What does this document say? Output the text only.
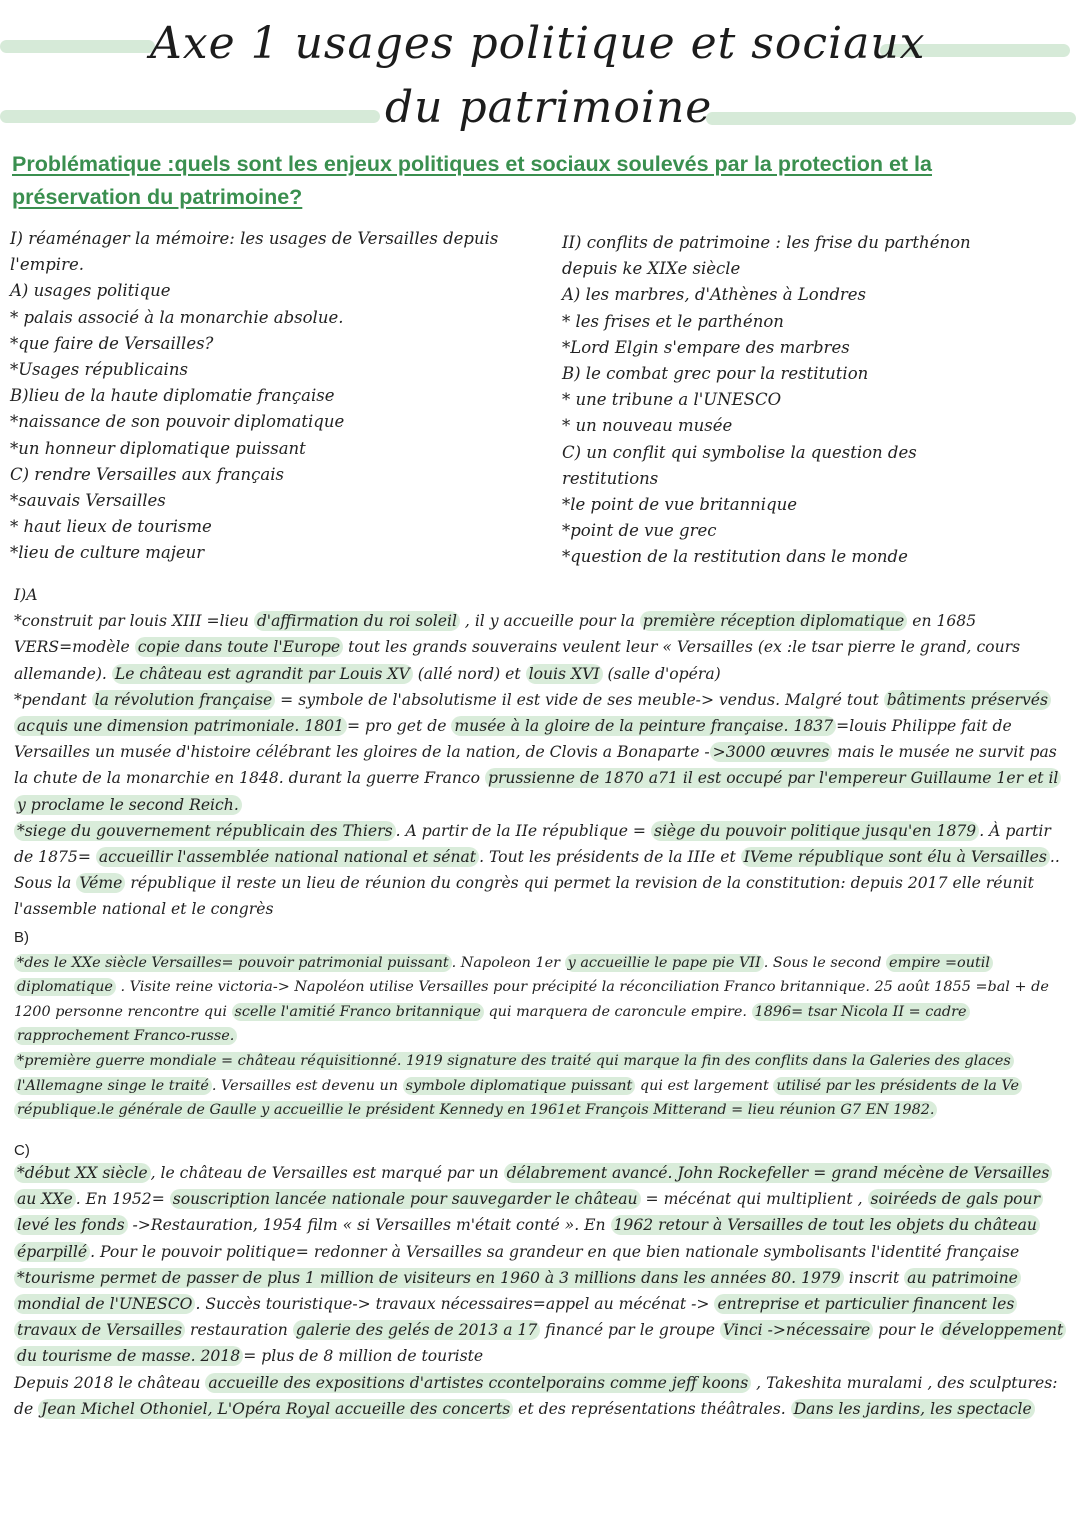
Axe 1 usages politique et sociaux
du patrimoine
Problématique :quels sont les enjeux politiques et sociaux soulevés par la protection et la préservation du patrimoine?
I) réaménager la mémoire: les usages de Versailles depuis
l'empire.
A) usages politique
* palais associé à la monarchie absolue.
*que faire de Versailles?
*Usages républicains
B)lieu de la haute diplomatie française
*naissance de son pouvoir diplomatique
*un honneur diplomatique puissant
C) rendre Versailles aux français
*sauvais Versailles
* haut lieux de tourisme
*lieu de culture majeur
II) conflits de patrimoine : les frise du parthénon
depuis ke XIXe siècle
A) les marbres, d'Athènes à Londres
* les frises et le parthénon
*Lord Elgin s'empare des marbres
B) le combat grec pour la restitution
* une tribune a l'UNESCO
* un nouveau musée
C) un conflit qui symbolise la question des
restitutions
*le point de vue britannique
*point de vue grec
*question de la restitution dans le monde

I)A

*construit par louis XIII =lieu d'affirmation du roi soleil , il y accueille pour la première réception diplomatique en 1685 VERS=modèle copie dans toute l'Europe tout les grands souverains veulent leur « Versailles (ex :le tsar pierre le grand, cours allemande). Le château est agrandit par Louis XV (allé nord) et louis XVI (salle d'opéra)

*pendant la révolution française = symbole de l'absolutisme il est vide de ses meuble-> vendus. Malgré tout bâtiments préservés acquis une dimension patrimoniale. 1801 = pro get de musée à la gloire de la peinture française. 1837 =louis Philippe fait de Versailles un musée d'histoire célébrant les gloires de la nation, de Clovis a Bonaparte - >3000 œuvres mais le musée ne survit pas la chute de la monarchie en 1848. durant la guerre Franco prussienne de 1870 a71 il est occupé par l'empereur Guillaume 1er et il y proclame le second Reich.

*siege du gouvernement républicain des Thiers . A partir de la IIe république = siège du pouvoir politique jusqu'en 1879 . À partir de 1875= accueillir l'assemblée national national et sénat . Tout les présidents de la IIIe et IVeme république sont élu à Versailles .. Sous la Véme république il reste un lieu de réunion du congrès qui permet la revision de la constitution: depuis 2017 elle réunit l'assemble national et le congrès

B)

*des le XXe siècle Versailles= pouvoir patrimonial puissant . Napoleon 1er y accueillie le pape pie VII . Sous le second empire =outil diplomatique . Visite reine victoria-> Napoléon utilise Versailles pour précipité la réconciliation Franco britannique. 25 août 1855 =bal + de 1200 personne rencontre qui scelle l'amitié Franco britannique qui marquera de caroncule empire. 1896= tsar Nicola II = cadre rapprochement Franco-russe.

*première guerre mondiale = château réquisitionné. 1919 signature des traité qui marque la fin des conflits dans la Galeries des glaces l'Allemagne singe le traité . Versailles est devenu un symbole diplomatique puissant qui est largement utilisé par les présidents de la Ve république.le générale de Gaulle y accueillie le président Kennedy en 1961et François Mitterand = lieu réunion G7 EN 1982.

C)

*début XX siècle , le château de Versailles est marqué par un délabrement avancé. John Rockefeller = grand mécène de Versailles au XXe . En 1952= souscription lancée nationale pour sauvegarder le château = mécénat qui multiplient , soiréeds de gals pour levé les fonds ->Restauration, 1954 film « si Versailles m'était conté ». En 1962 retour à Versailles de tout les objets du château éparpillé . Pour le pouvoir politique= redonner à Versailles sa grandeur en que bien nationale symbolisants l'identité française

*tourisme permet de passer de plus 1 million de visiteurs en 1960 à 3 millions dans les années 80. 1979 inscrit au patrimoine mondial de l'UNESCO . Succès touristique-> travaux nécessaires=appel au mécénat -> entreprise et particulier financent les travaux de Versailles restauration galerie des gelés de 2013 a 17 financé par le groupe Vinci ->nécessaire pour le développement du tourisme de masse. 2018 = plus de 8 million de touriste

Depuis 2018 le château accueille des expositions d'artistes ccontelporains comme jeff koons , Takeshita muralami , des sculptures: de Jean Michel Othoniel, L'Opéra Royal accueille des concerts et des représentations théâtrales. Dans les jardins, les spectacle
